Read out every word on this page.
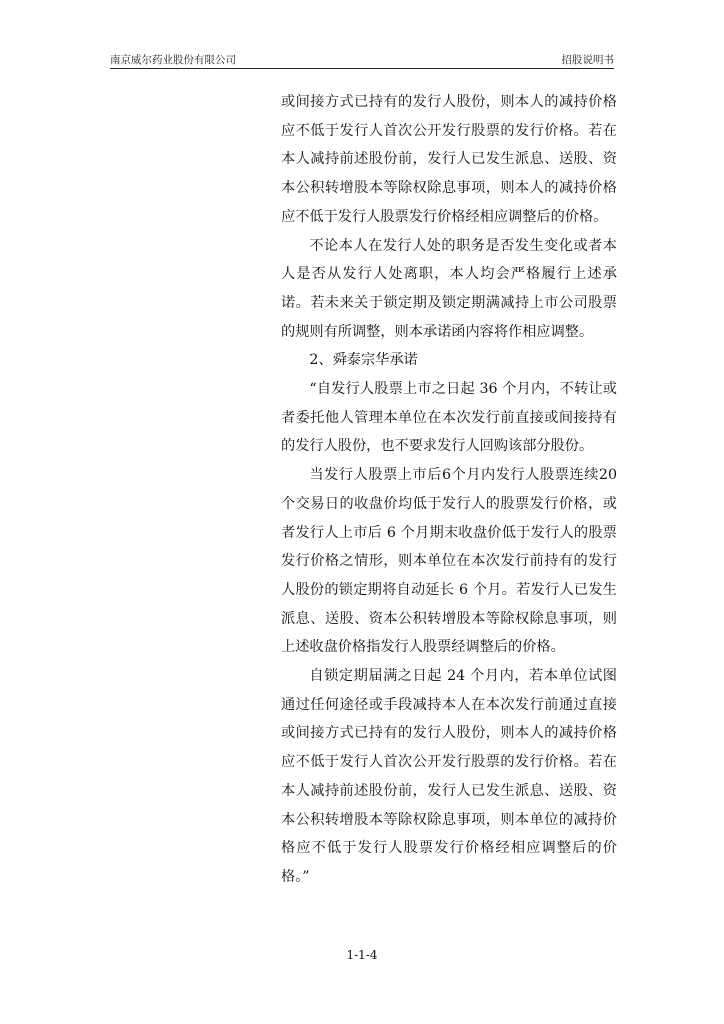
南京威尔药业股份有限公司	招股说明书

或间接方式已持有的发行人股份，则本人的减持价格应不低于发行人首次公开发行股票的发行价格。若在本人减持前述股份前，发行人已发生派息、送股、资本公积转增股本等除权除息事项，则本人的减持价格应不低于发行人股票发行价格经相应调整后的价格。

不论本人在发行人处的职务是否发生变化或者本人是否从发行人处离职，本人均会严格履行上述承诺。若未来关于锁定期及锁定期满减持上市公司股票的规则有所调整，则本承诺函内容将作相应调整。

2、舜泰宗华承诺

“自发行人股票上市之日起 36 个月内，不转让或者委托他人管理本单位在本次发行前直接或间接持有的发行人股份，也不要求发行人回购该部分股份。

当发行人股票上市后6个月内发行人股票连续20个交易日的收盘价均低于发行人的股票发行价格，或者发行人上市后 6 个月期末收盘价低于发行人的股票发行价格之情形，则本单位在本次发行前持有的发行人股份的锁定期将自动延长 6 个月。若发行人已发生派息、送股、资本公积转增股本等除权除息事项，则上述收盘价格指发行人股票经调整后的价格。

自锁定期届满之日起 24 个月内，若本单位试图通过任何途径或手段减持本人在本次发行前通过直接或间接方式已持有的发行人股份，则本人的减持价格应不低于发行人首次公开发行股票的发行价格。若在本人减持前述股份前，发行人已发生派息、送股、资本公积转增股本等除权除息事项，则本单位的减持价格应不低于发行人股票发行价格经相应调整后的价格。”

1-1-4
